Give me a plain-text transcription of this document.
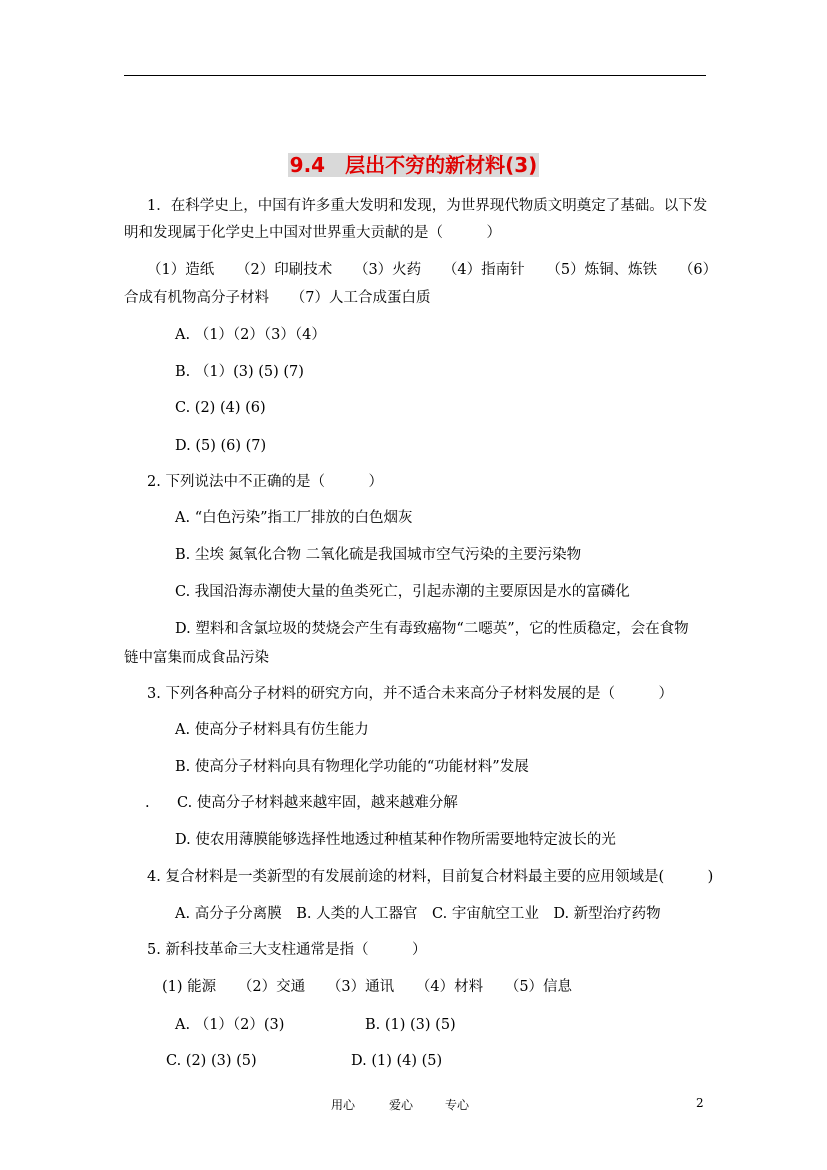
9.4　层出不穷的新材料(3)
1．在科学史上，中国有许多重大发明和发现，为世界现代物质文明奠定了基础。以下发
明和发现属于化学史上中国对世界重大贡献的是（　　　）
（1）造纸　　（2）印刷技术　　（3）火药　　（4）指南针　　（5）炼铜、炼铁　　（6）
合成有机物高分子材料　　（7）人工合成蛋白质
A. （1）（2）（3）（4）
B. （1）(3) (5) (7)
C. (2) (4) (6)
D. (5) (6) (7)
2. 下列说法中不正确的是（　　　）
A. “白色污染”指工厂排放的白色烟灰
B. 尘埃 氮氧化合物 二氧化硫是我国城市空气污染的主要污染物
C. 我国沿海赤潮使大量的鱼类死亡，引起赤潮的主要原因是水的富磷化
D. 塑料和含氯垃圾的焚烧会产生有毒致癌物“二噁英”，它的性质稳定，会在食物
链中富集而成食品污染
3. 下列各种高分子材料的研究方向，并不适合未来高分子材料发展的是（　　　）
A. 使高分子材料具有仿生能力
B. 使高分子材料向具有物理化学功能的“功能材料”发展
. C. 使高分子材料越来越牢固，越来越难分解
D. 使农用薄膜能够选择性地透过种植某种作物所需要地特定波长的光
4. 复合材料是一类新型的有发展前途的材料，目前复合材料最主要的应用领域是(　　　)
A. 高分子分离膜　B. 人类的人工器官　C. 宇宙航空工业　D. 新型治疗药物
5. 新科技革命三大支柱通常是指（　　　）
(1) 能源　　（2）交通　　（3）通讯　　（4）材料　　（5）信息
A. （1）（2）(3)	B. (1) (3) (5)
C. (2) (3) (5)	D. (1) (4) (5)
用心	爱心	专心	2
